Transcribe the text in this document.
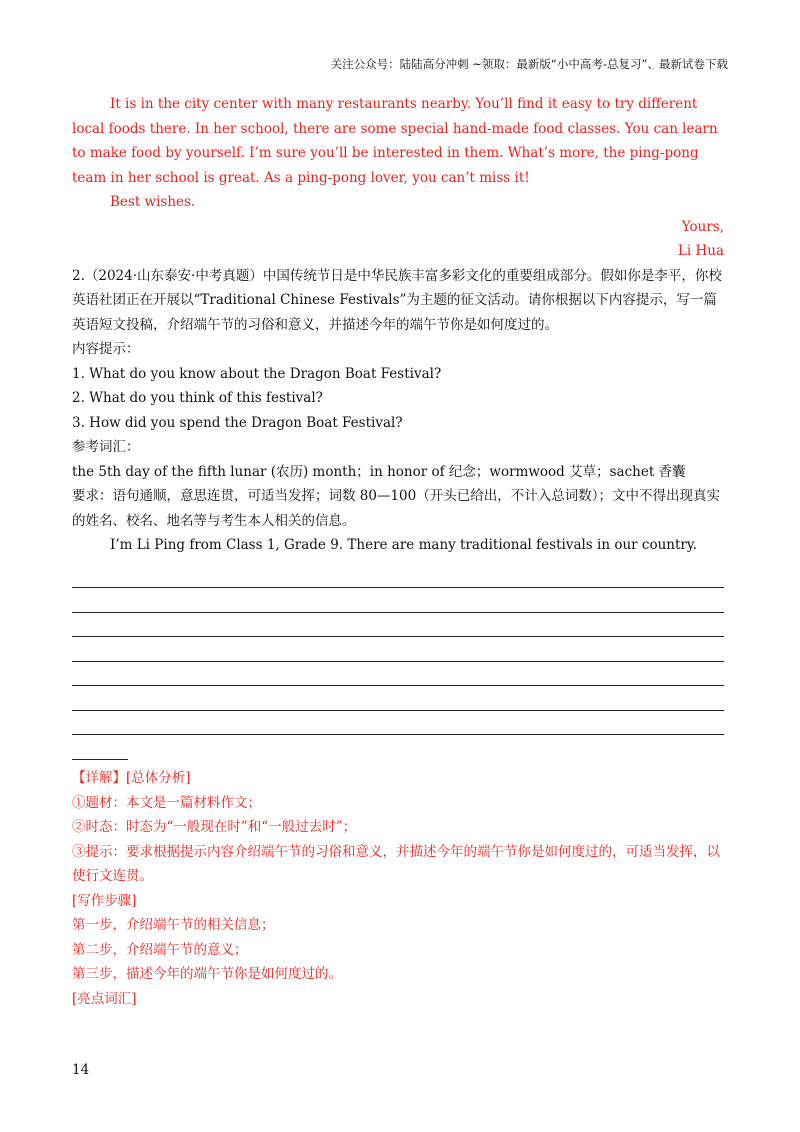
关注公众号：陆陆高分冲刺 ~领取：最新版“小中高考-总复习”、最新试卷下载

It is in the city center with many restaurants nearby. You’ll find it easy to try different local foods there. In her school, there are some special hand-made food classes. You can learn to make food by yourself. I’m sure you’ll be interested in them. What’s more, the ping-pong team in her school is great. As a ping-pong lover, you can’t miss it!

Best wishes.

Yours,

Li Hua

2.（2024·山东泰安·中考真题）中国传统节日是中华民族丰富多彩文化的重要组成部分。假如你是李平，你校英语社团正在开展以“Traditional Chinese Festivals”为主题的征文活动。请你根据以下内容提示，写一篇英语短文投稿，介绍端午节的习俗和意义，并描述今年的端午节你是如何度过的。

内容提示：

1. What do you know about the Dragon Boat Festival?

2. What do you think of this festival?

3. How did you spend the Dragon Boat Festival?

参考词汇：

the 5th day of the fifth lunar (农历) month；in honor of 纪念；wormwood 艾草；sachet 香囊

要求：语句通顺，意思连贯，可适当发挥；词数 80—100（开头已给出，不计入总词数）；文中不得出现真实的姓名、校名、地名等与考生本人相关的信息。

I’m Li Ping from Class 1, Grade 9. There are many traditional festivals in our country.

【详解】[总体分析]

①题材：本文是一篇材料作文；

②时态：时态为“一般现在时”和“一般过去时”；

③提示：要求根据提示内容介绍端午节的习俗和意义，并描述今年的端午节你是如何度过的，可适当发挥，以使行文连贯。

[写作步骤]

第一步，介绍端午节的相关信息；

第二步，介绍端午节的意义；

第三步，描述今年的端午节你是如何度过的。

[亮点词汇]

14
